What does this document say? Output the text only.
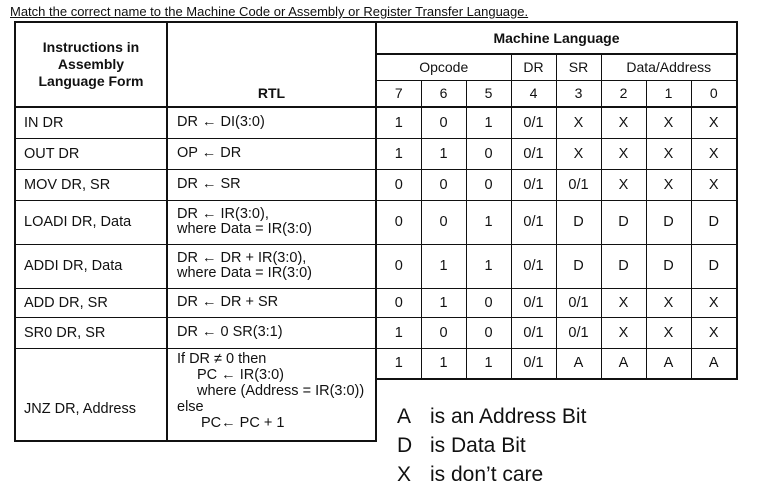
Match the correct name to the Machine Code or Assembly or Register Transfer Language.
Instructions in
Assembly
Language Form	RTL	Machine Language							
		Opcode			DR	SR	Data/Address		
		7	6	5	4	3	2	1	0
IN DR	DR ← DI(3:0)	1	0	1	0/1	X	X	X	X
OUT DR	OP ← DR	1	1	0	0/1	X	X	X	X
MOV DR, SR	DR ← SR	0	0	0	0/1	0/1	X	X	X
LOADI DR, Data	DR ← IR(3:0),
where Data = IR(3:0)	0	0	1	0/1	D	D	D	D
ADDI DR, Data	DR ← DR + IR(3:0),
where Data = IR(3:0)	0	1	1	0/1	D	D	D	D
ADD DR, SR	DR ← DR + SR	0	1	0	0/1	0/1	X	X	X
SR0 DR, SR	DR ← 0 SR(3:1)	1	0	0	0/1	0/1	X	X	X
JNZ DR, Address	If DR ≠ 0 then
PC ← IR(3:0)
where (Address = IR(3:0))
else
PC← PC + 1	1	1	1	0/1	A	A	A	A

A is an Address Bit
D is Data Bit
X is don’t care
